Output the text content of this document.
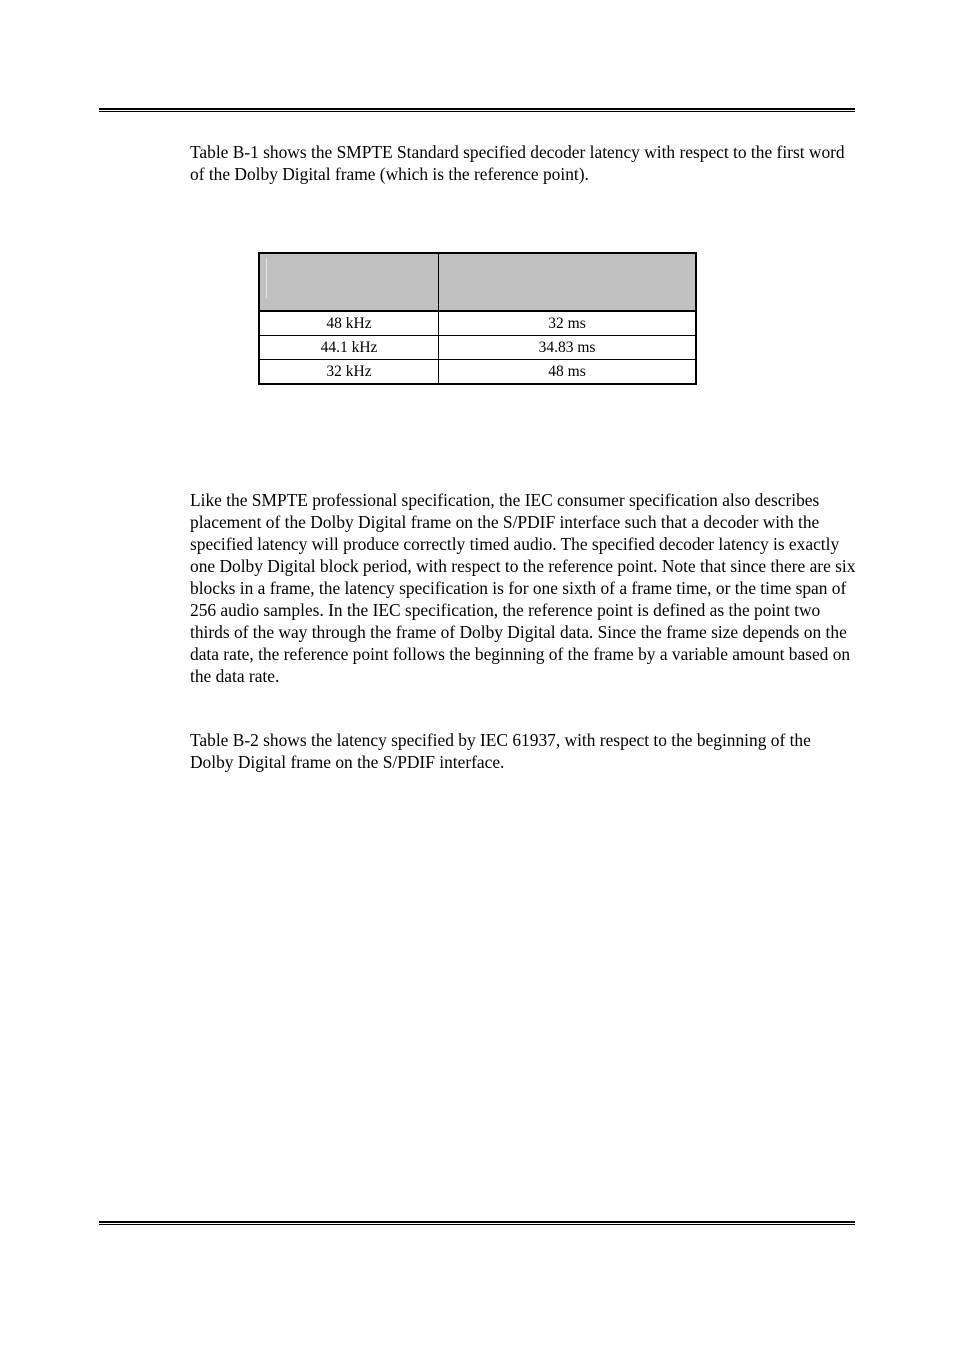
Table B-1 shows the SMPTE Standard specified decoder latency with respect to the first word of the Dolby Digital frame (which is the reference point).

48 kHz	32 ms
44.1 kHz	34.83 ms
32 kHz	48 ms

Like the SMPTE professional specification, the IEC consumer specification also describes placement of the Dolby Digital frame on the S/PDIF interface such that a decoder with the specified latency will produce correctly timed audio. The specified decoder latency is exactly one Dolby Digital block period, with respect to the reference point. Note that since there are six blocks in a frame, the latency specification is for one sixth of a frame time, or the time span of 256 audio samples. In the IEC specification, the reference point is defined as the point two thirds of the way through the frame of Dolby Digital data. Since the frame size depends on the data rate, the reference point follows the beginning of the frame by a variable amount based on the data rate.

Table B-2 shows the latency specified by IEC 61937, with respect to the beginning of the Dolby Digital frame on the S/PDIF interface.
